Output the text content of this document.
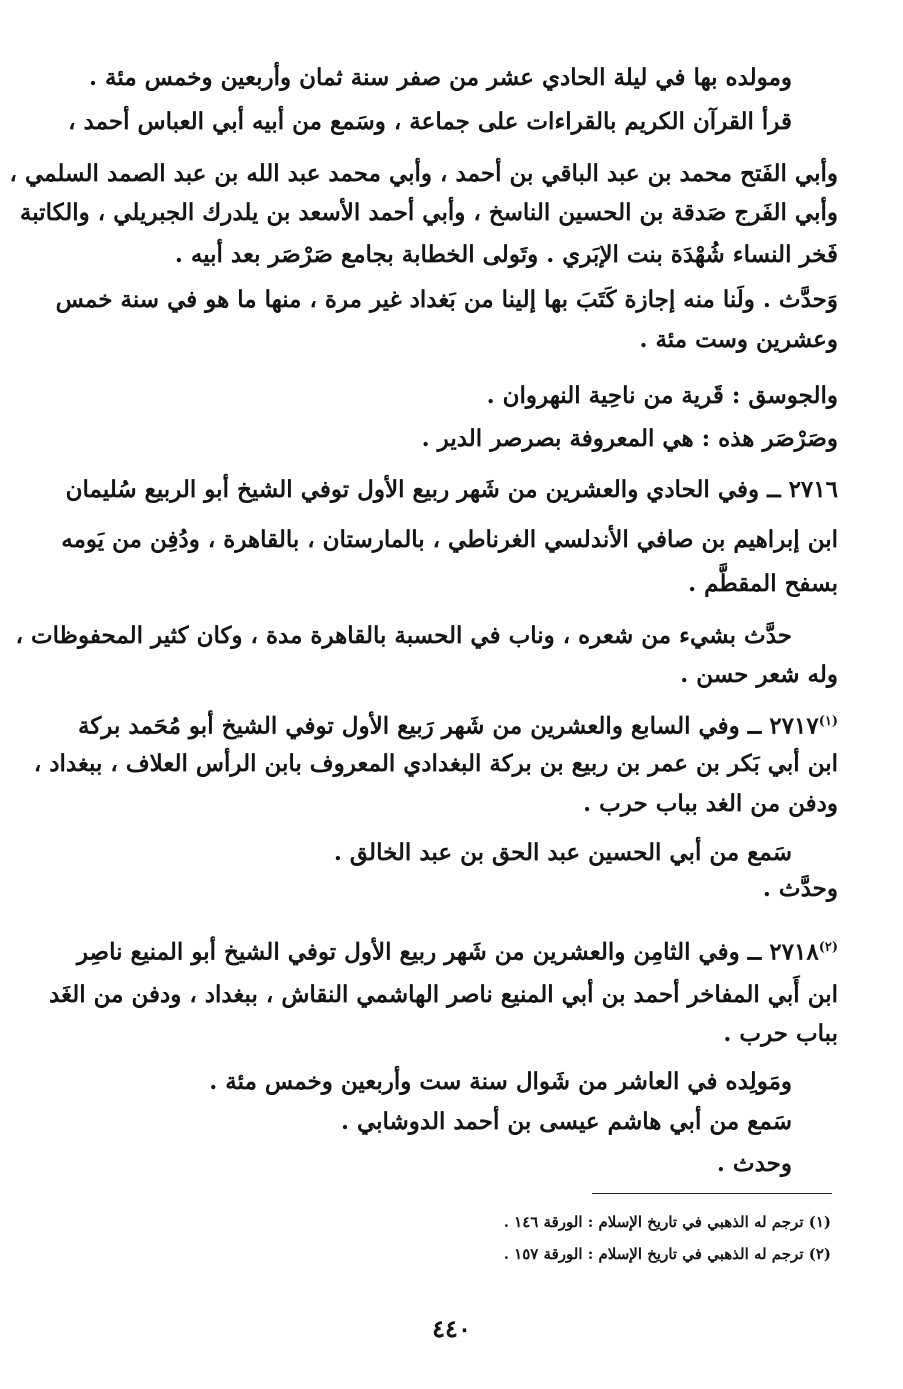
ومولده بها في ليلة الحادي عشر من صفر سنة ثمان وأربعين وخمس مئة .
قرأ القرآن الكريم بالقراءات على جماعة ، وسَمع من أبيه أبي العباس أحمد ،
وأبي الفَتح محمد بن عبد الباقي بن أحمد ، وأبي محمد عبد الله بن عبد الصمد السلمي ،
وأبي الفَرج صَدقة بن الحسين الناسخ ، وأبي أحمد الأسعد بن يلدرك الجبريلي ، والكاتبة
فَخر النساء شُهْدَة بنت الإبَري . وتَولى الخطابة بجامع صَرْصَر بعد أبيه .
وَحدَّث . ولَنا منه إجازة كَتَبَ بها إلينا من بَغداد غير مرة ، منها ما هو في سنة خمس
وعشرين وست مئة .
والجوسق : قَرية من ناحِية النهروان .
وصَرْصَر هذه : هي المعروفة بصرصر الدير .
٢٧١٦ ــ وفي الحادي والعشرين من شَهر ربيع الأول توفي الشيخ أبو الربيع سُليمان
ابن إبراهيم بن صافي الأندلسي الغرناطي ، بالمارستان ، بالقاهرة ، ودُفِن من يَومه
بسفح المقطَّم .
حدَّث بشيء من شعره ، وناب في الحسبة بالقاهرة مدة ، وكان كثير المحفوظات ،
وله شعر حسن .
$^{(١)}$٢٧١٧ ــ وفي السابع والعشرين من شَهر رَبيع الأول توفي الشيخ أبو مُحَمد بركة
ابن أبي بَكر بن عمر بن ربيع بن بركة البغدادي المعروف بابن الرأس العلاف ، ببغداد ،
ودفن من الغد بباب حرب .
سَمع من أبي الحسين عبد الحق بن عبد الخالق .
وحدَّث .
$^{(٢)}$٢٧١٨ ــ وفي الثامِن والعشرين من شَهر ربيع الأول توفي الشيخ أبو المنيع ناصِر
ابن أَبي المفاخر أحمد بن أبي المنيع ناصر الهاشمي النقاش ، ببغداد ، ودفن من الغَد
بباب حرب .
ومَولِده في العاشر من شَوال سنة ست وأربعين وخمس مئة .
سَمع من أبي هاشم عيسى بن أحمد الدوشابي .
وحدث .
(١) ترجم له الذهبي في تاريخ الإسلام : الورقة ١٤٦ .
(٢) ترجم له الذهبي في تاريخ الإسلام : الورقة ١٥٧ .
٤٤٠
